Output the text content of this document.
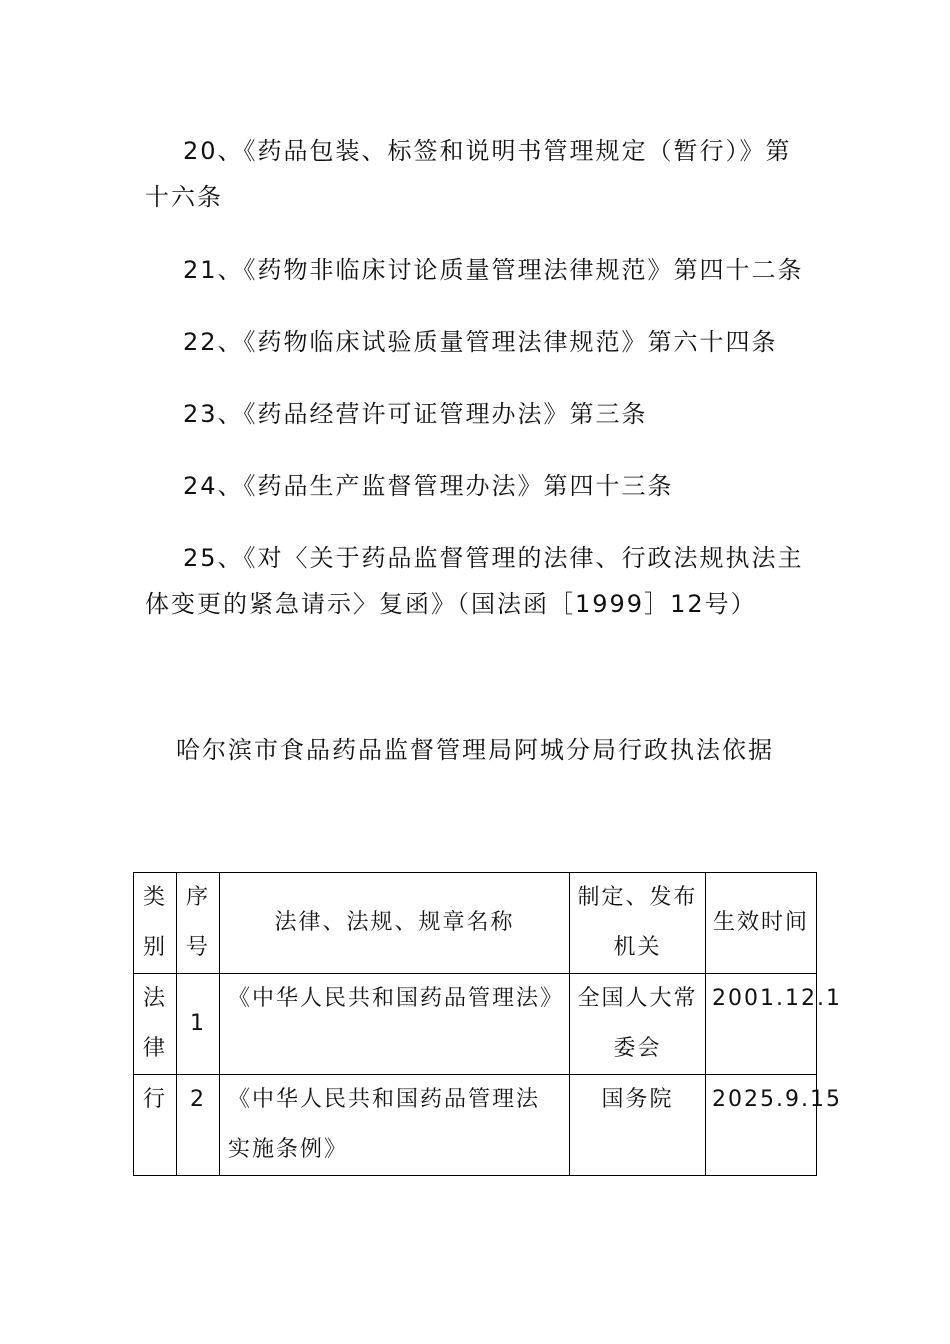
20、《药品包装、标签和说明书管理规定（暂行）》第十六条

21、《药物非临床讨论质量管理法律规范》第四十二条

22、《药物临床试验质量管理法律规范》第六十四条

23、《药品经营许可证管理办法》第三条

24、《药品生产监督管理办法》第四十三条

25、《对〈关于药品监督管理的法律、行政法规执法主体变更的紧急请示〉复函》（国法函［1999］12号）

哈尔滨市食品药品监督管理局阿城分局行政执法依据

类别	序号	法律、法规、规章名称	制定、发布机关	生效时间
法律	1	《中华人民共和国药品管理法》	全国人大常委会	2001.12.1
行	2	《中华人民共和国药品管理法实施条例》	国务院	2025.9.15
